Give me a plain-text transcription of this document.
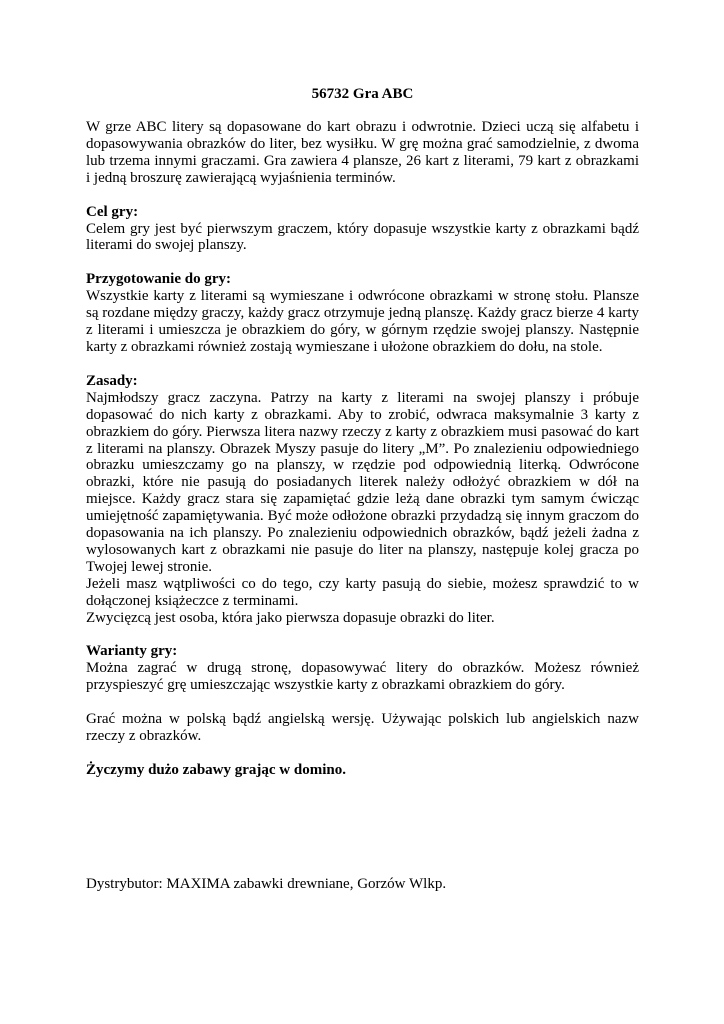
56732 Gra ABC

W grze ABC litery są dopasowane do kart obrazu i odwrotnie. Dzieci uczą się alfabetu i dopasowywania obrazków do liter, bez wysiłku. W grę można grać samodzielnie, z dwoma lub trzema innymi graczami. Gra zawiera 4 plansze, 26 kart z literami, 79 kart z obrazkami i jedną broszurę zawierającą wyjaśnienia terminów.

Cel gry:

Celem gry jest być pierwszym graczem, który dopasuje wszystkie karty z obrazkami bądź literami do swojej planszy.

Przygotowanie do gry:

Wszystkie karty z literami są wymieszane i odwrócone obrazkami w stronę stołu. Plansze są rozdane między graczy, każdy gracz otrzymuje jedną planszę. Każdy gracz bierze 4 karty z literami i umieszcza je obrazkiem do góry, w górnym rzędzie swojej planszy. Następnie karty z obrazkami również zostają wymieszane i ułożone obrazkiem do dołu, na stole.

Zasady:

Najmłodszy gracz zaczyna. Patrzy na karty z literami na swojej planszy i próbuje dopasować do nich karty z obrazkami. Aby to zrobić, odwraca maksymalnie 3 karty z obrazkiem do góry. Pierwsza litera nazwy rzeczy z karty z obrazkiem musi pasować do kart z literami na planszy. Obrazek Myszy pasuje do litery „M”. Po znalezieniu odpowiedniego obrazku umieszczamy go na planszy, w rzędzie pod odpowiednią literką. Odwrócone obrazki, które nie pasują do posiadanych literek należy odłożyć obrazkiem w dół na miejsce. Każdy gracz stara się zapamiętać gdzie leżą dane obrazki tym samym ćwicząc umiejętność zapamiętywania. Być może odłożone obrazki przydadzą się innym graczom do dopasowania na ich planszy. Po znalezieniu odpowiednich obrazków, bądź jeżeli żadna z wylosowanych kart z obrazkami nie pasuje do liter na planszy, następuje kolej gracza po Twojej lewej stronie.

Jeżeli masz wątpliwości co do tego, czy karty pasują do siebie, możesz sprawdzić to w dołączonej książeczce z terminami.

Zwycięzcą jest osoba, która jako pierwsza dopasuje obrazki do liter.

Warianty gry:

Można zagrać w drugą stronę, dopasowywać litery do obrazków. Możesz również przyspieszyć grę umieszczając wszystkie karty z obrazkami obrazkiem do góry.

Grać można w polską bądź angielską wersję. Używając polskich lub angielskich nazw rzeczy z obrazków.

Życzymy dużo zabawy grając w domino.

Dystrybutor: MAXIMA zabawki drewniane, Gorzów Wlkp.
